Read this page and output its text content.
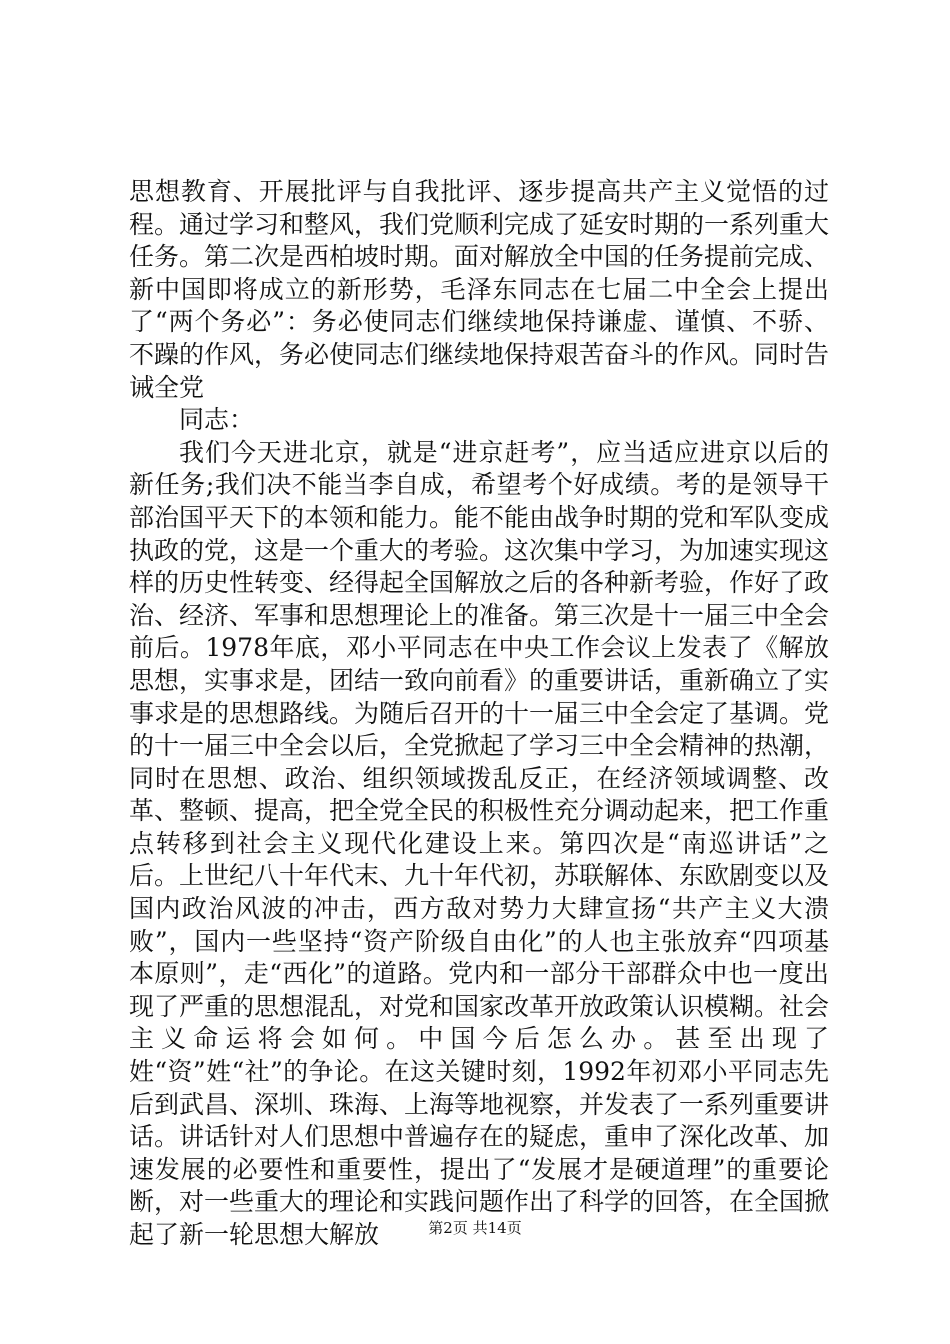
思想教育、开展批评与自我批评、逐步提高共产主义觉悟的过程。通过学习和整风，我们党顺利完成了延安时期的一系列重大任务。第二次是西柏坡时期。面对解放全中国的任务提前完成、新中国即将成立的新形势，毛泽东同志在七届二中全会上提出了“两个务必”：务必使同志们继续地保持谦虚、谨慎、不骄、不躁的作风，务必使同志们继续地保持艰苦奋斗的作风。同时告诫全党

同志：

我们今天进北京，就是“进京赶考”，应当适应进京以后的新任务;我们决不能当李自成，希望考个好成绩。考的是领导干部治国平天下的本领和能力。能不能由战争时期的党和军队变成执政的党，这是一个重大的考验。这次集中学习，为加速实现这样的历史性转变、经得起全国解放之后的各种新考验，作好了政治、经济、军事和思想理论上的准备。第三次是十一届三中全会前后。1978年底，邓小平同志在中央工作会议上发表了《解放思想，实事求是，团结一致向前看》的重要讲话，重新确立了实事求是的思想路线。为随后召开的十一届三中全会定了基调。党的十一届三中全会以后，全党掀起了学习三中全会精神的热潮，同时在思想、政治、组织领域拨乱反正，在经济领域调整、改革、整顿、提高，把全党全民的积极性充分调动起来，把工作重点转移到社会主义现代化建设上来。第四次是“南巡讲话”之后。上世纪八十年代末、九十年代初，苏联解体、东欧剧变以及国内政治风波的冲击，西方敌对势力大肆宣扬“共产主义大溃败”，国内一些坚持“资产阶级自由化”的人也主张放弃“四项基本原则”，走“西化”的道路。党内和一部分干部群众中也一度出现了严重的思想混乱，对党和国家改革开放政策认识模糊。社会主义命运将会如何。中国今后怎么办。甚至出现了姓“资”姓“社”的争论。在这关键时刻，1992年初邓小平同志先后到武昌、深圳、珠海、上海等地视察，并发表了一系列重要讲话。讲话针对人们思想中普遍存在的疑虑，重申了深化改革、加速发展的必要性和重要性，提出了“发展才是硬道理”的重要论断，对一些重大的理论和实践问题作出了科学的回答，在全国掀起了新一轮思想大解放	第2页 共14页
